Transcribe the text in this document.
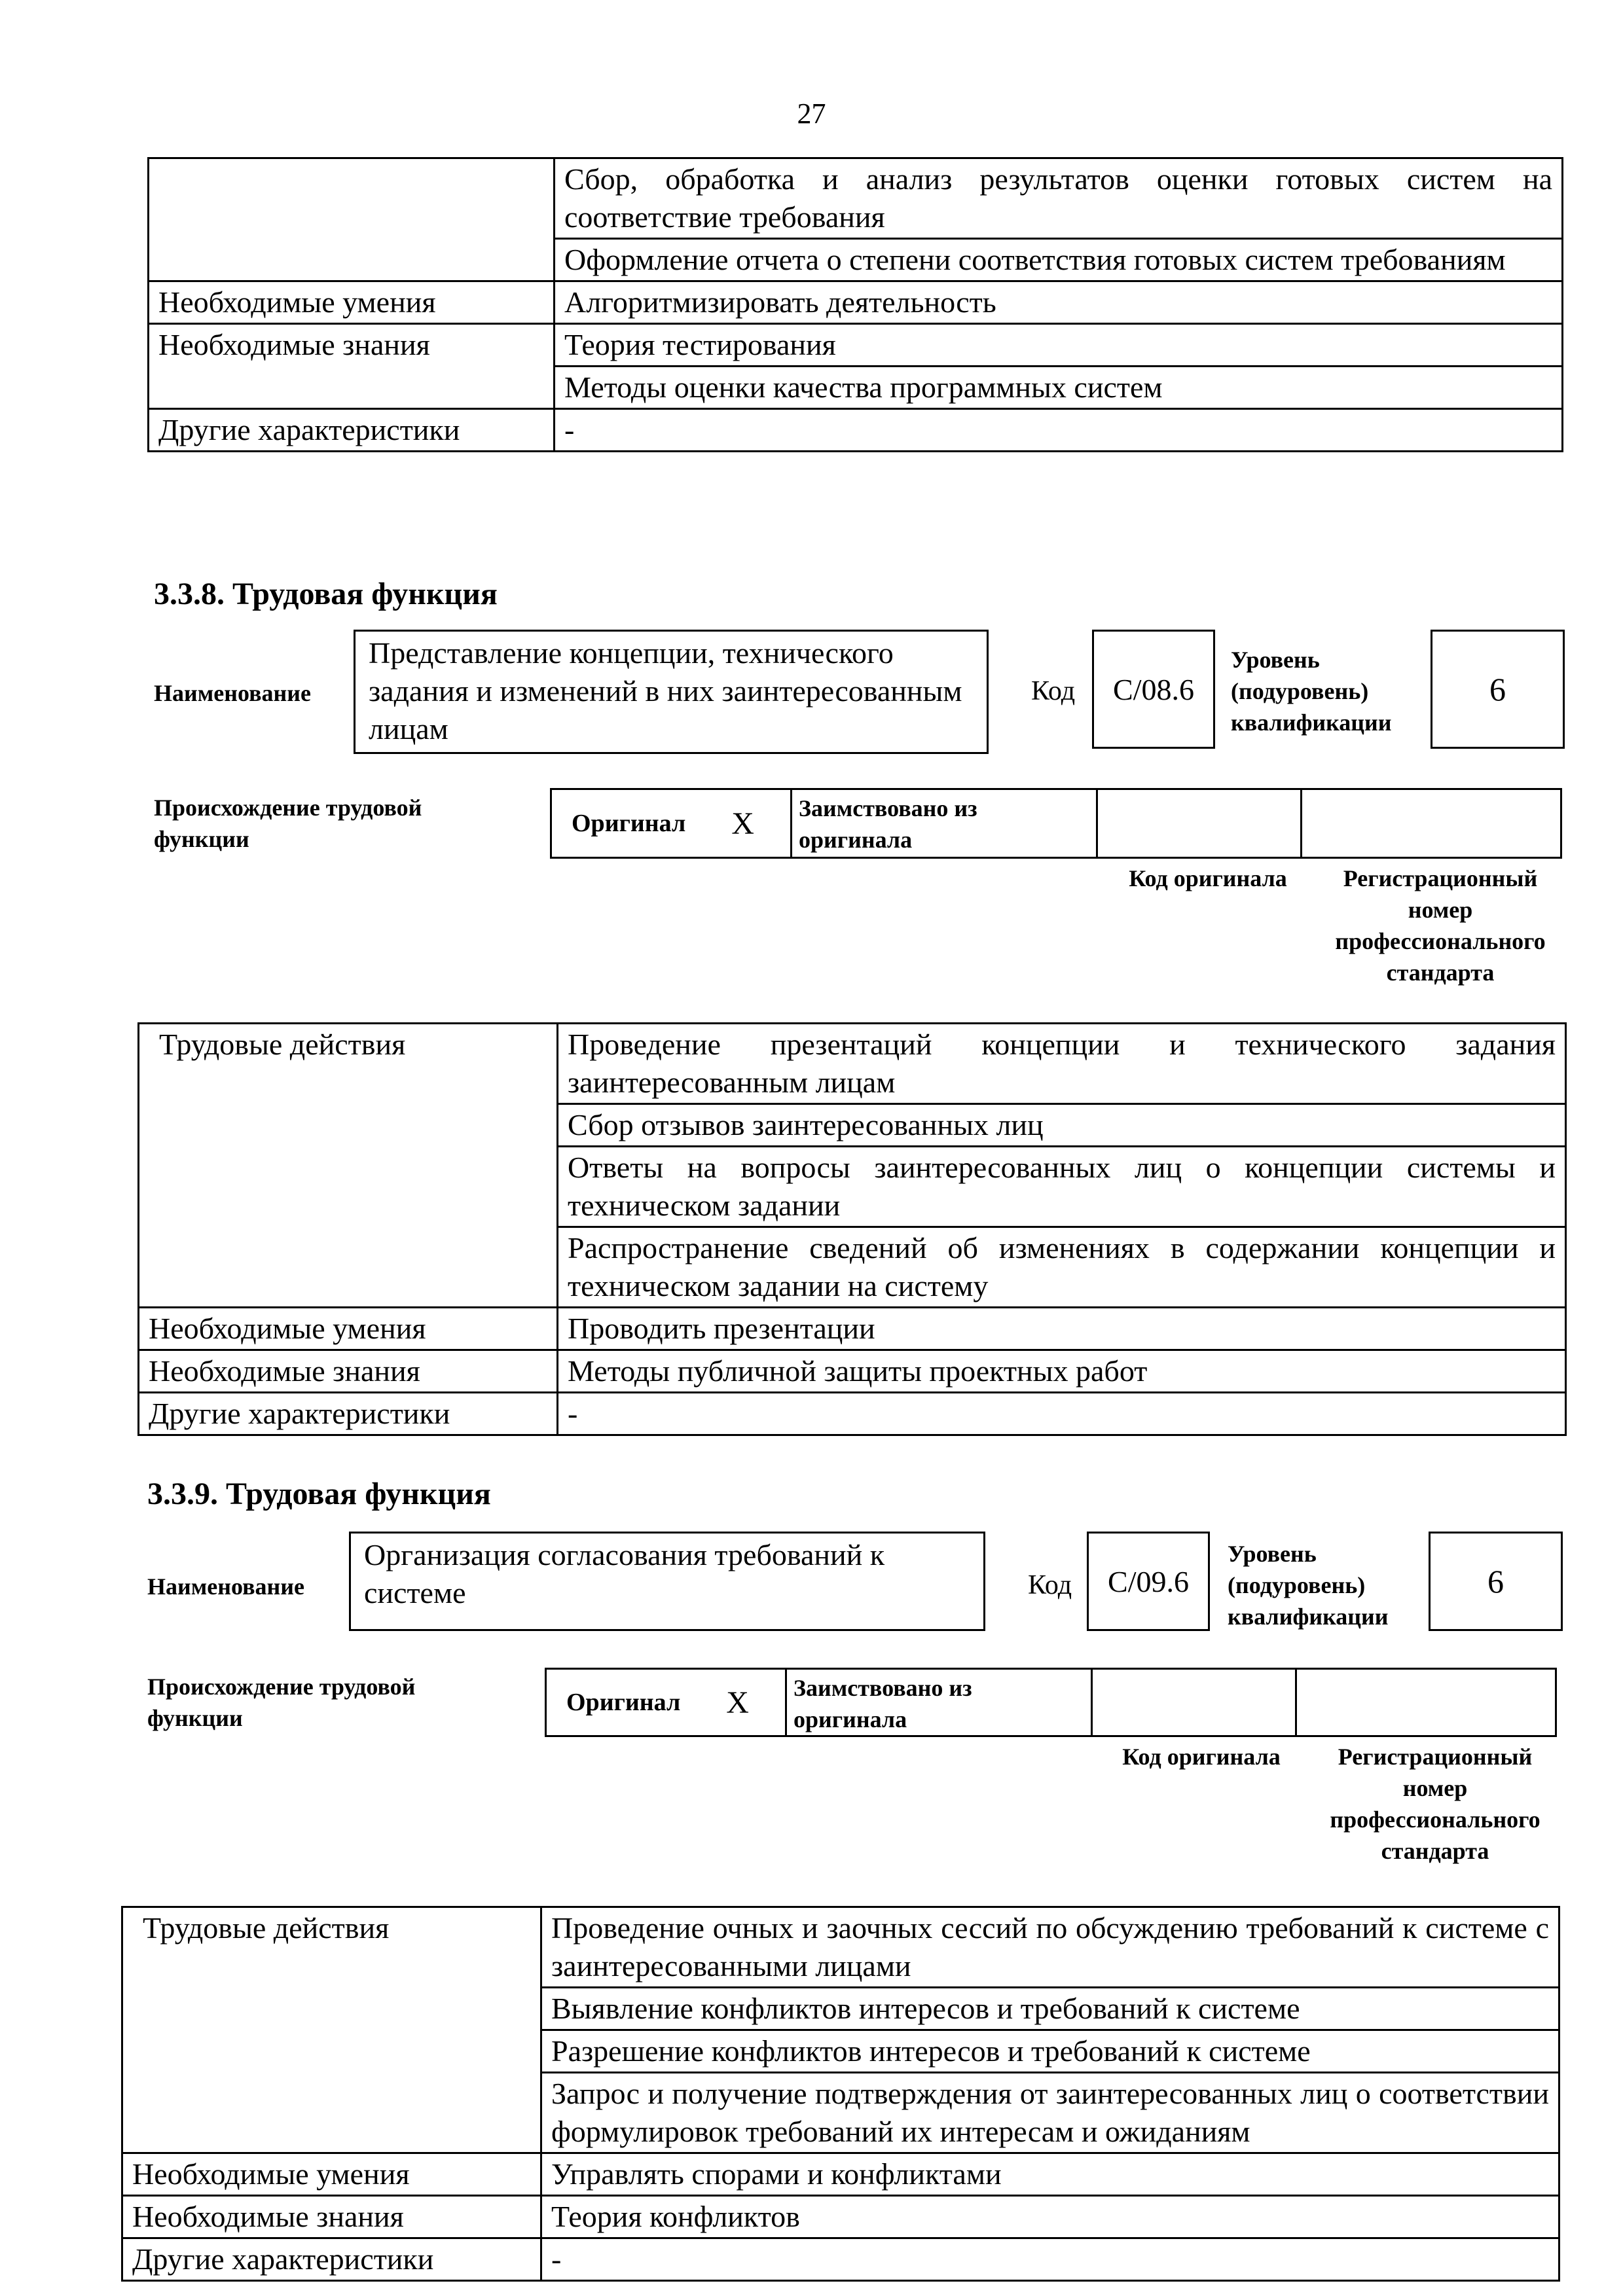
27
	Сбор, обработка и анализ результатов оценки готовых систем на соответствие требования
	Оформление отчета о степени соответствия готовых систем требованиям
Необходимые умения	Алгоритмизировать деятельность
Необходимые знания	Теория тестирования
	Методы оценки качества программных систем
Другие характеристики	-
3.3.8. Трудовая функция
Наименование
Представление концепции, технического задания и изменений в них заинтересованным лицам
Код	C/08.6
Уровень (подуровень) квалификации
6
Происхождение трудовой функции
Оригинал X	Заимствовано из оригинала
Код оригинала	Регистрационный номер профессионального стандарта
Трудовые действия	Проведение презентаций концепции и технического задания заинтересованным лицам
	Сбор отзывов заинтересованных лиц
	Ответы на вопросы заинтересованных лиц о концепции системы и техническом задании
	Распространение сведений об изменениях в содержании концепции и техническом задании на систему
Необходимые умения	Проводить презентации
Необходимые знания	Методы публичной защиты проектных работ
Другие характеристики	-
3.3.9. Трудовая функция
Наименование
Организация согласования требований к системе	Код	C/09.6
Уровень (подуровень) квалификации
6
Происхождение трудовой функции
Оригинал X	Заимствовано из оригинала
Код оригинала	Регистрационный номер профессионального стандарта
Трудовые действия	Проведение очных и заочных сессий по обсуждению требований к системе с заинтересованными лицами
	Выявление конфликтов интересов и требований к системе
	Разрешение конфликтов интересов и требований к системе
	Запрос и получение подтверждения от заинтересованных лиц о соответствии формулировок требований их интересам и ожиданиям
Необходимые умения	Управлять спорами и конфликтами
Необходимые знания	Теория конфликтов
Другие характеристики	-
